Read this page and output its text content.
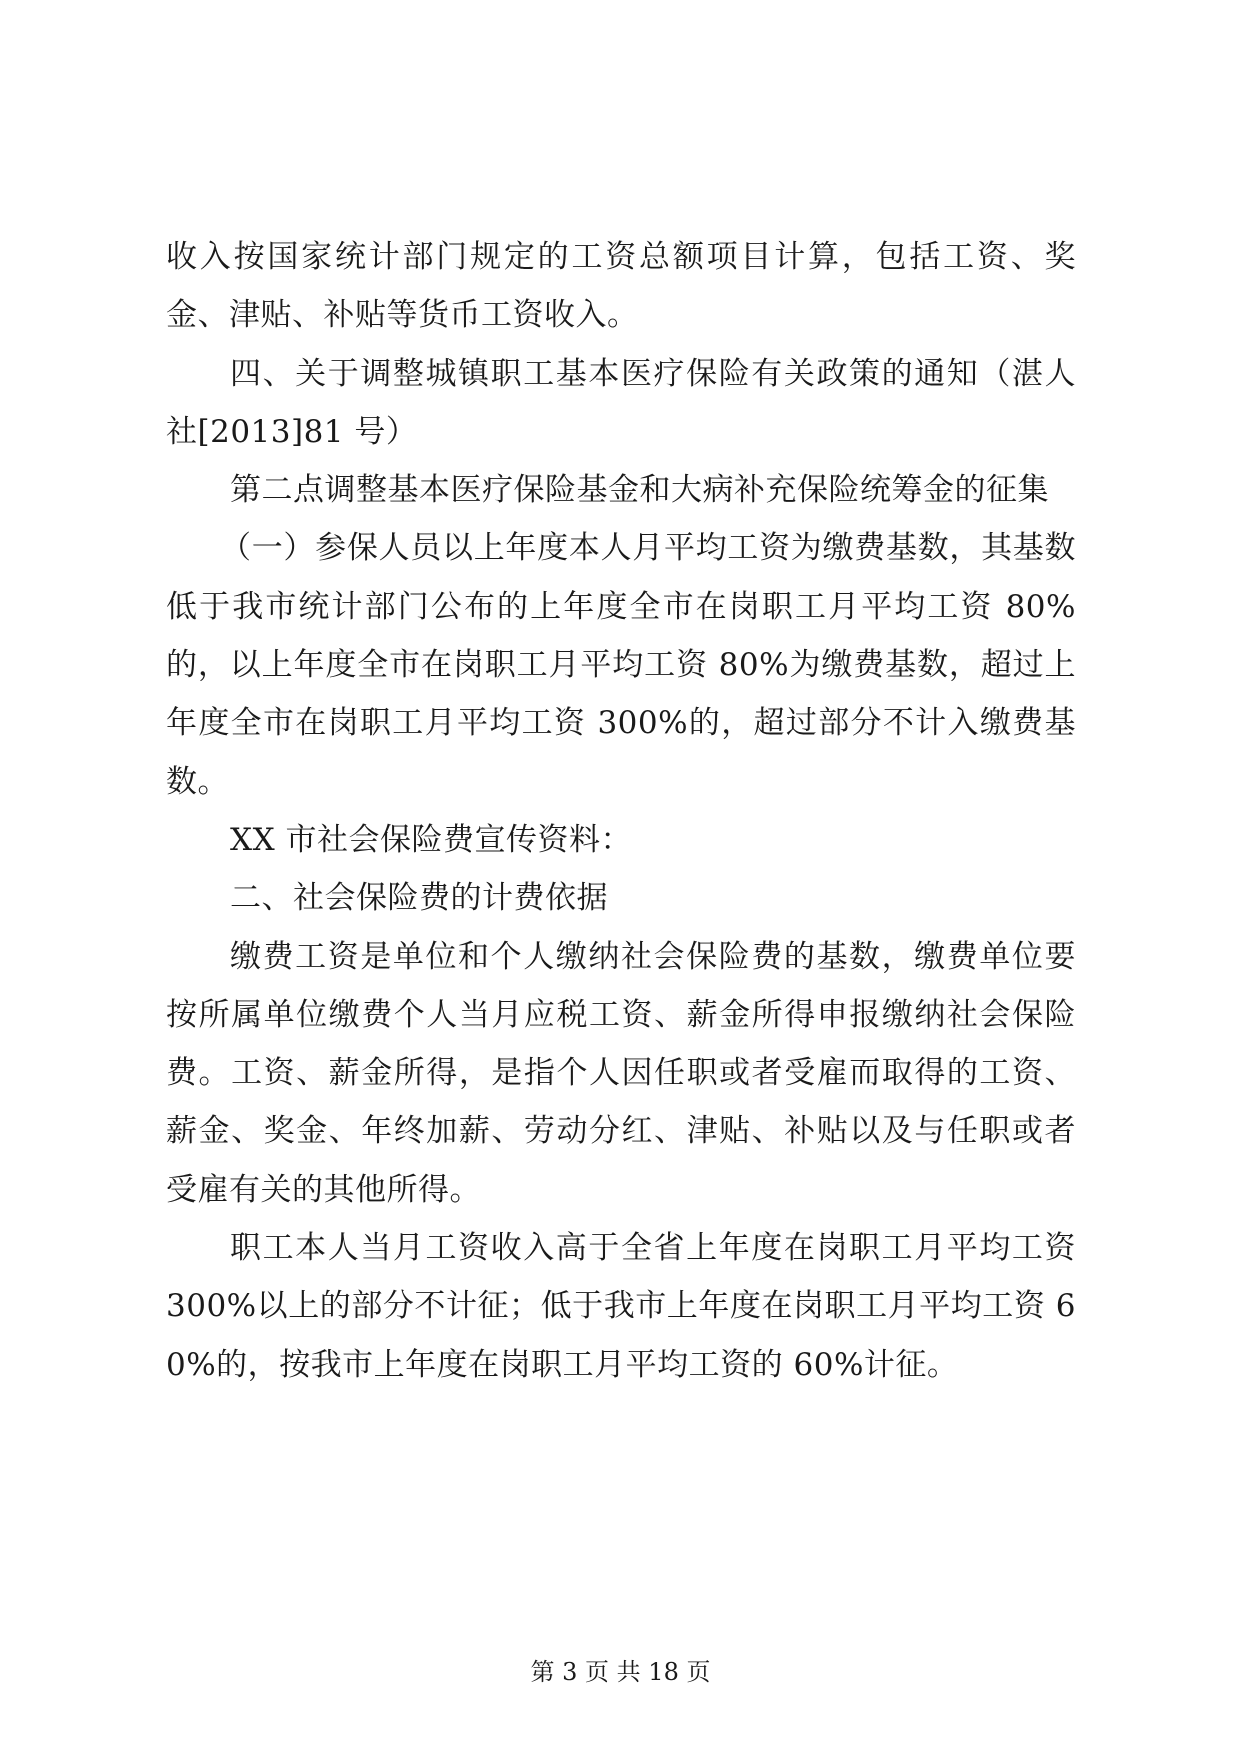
收入按国家统计部门规定的工资总额项目计算，包括工资、奖金、津贴、补贴等货币工资收入。

四、关于调整城镇职工基本医疗保险有关政策的通知（湛人社[2013]81 号）

第二点调整基本医疗保险基金和大病补充保险统筹金的征集

（一）参保人员以上年度本人月平均工资为缴费基数，其基数低于我市统计部门公布的上年度全市在岗职工月平均工资 80%的，以上年度全市在岗职工月平均工资 80%为缴费基数，超过上年度全市在岗职工月平均工资 300%的，超过部分不计入缴费基数。

XX 市社会保险费宣传资料：

二、社会保险费的计费依据

缴费工资是单位和个人缴纳社会保险费的基数，缴费单位要按所属单位缴费个人当月应税工资、薪金所得申报缴纳社会保险费。工资、薪金所得，是指个人因任职或者受雇而取得的工资、薪金、奖金、年终加薪、劳动分红、津贴、补贴以及与任职或者受雇有关的其他所得。

职工本人当月工资收入高于全省上年度在岗职工月平均工资 300%以上的部分不计征；低于我市上年度在岗职工月平均工资 60%的，按我市上年度在岗职工月平均工资的 60%计征。

第 3 页 共 18 页
